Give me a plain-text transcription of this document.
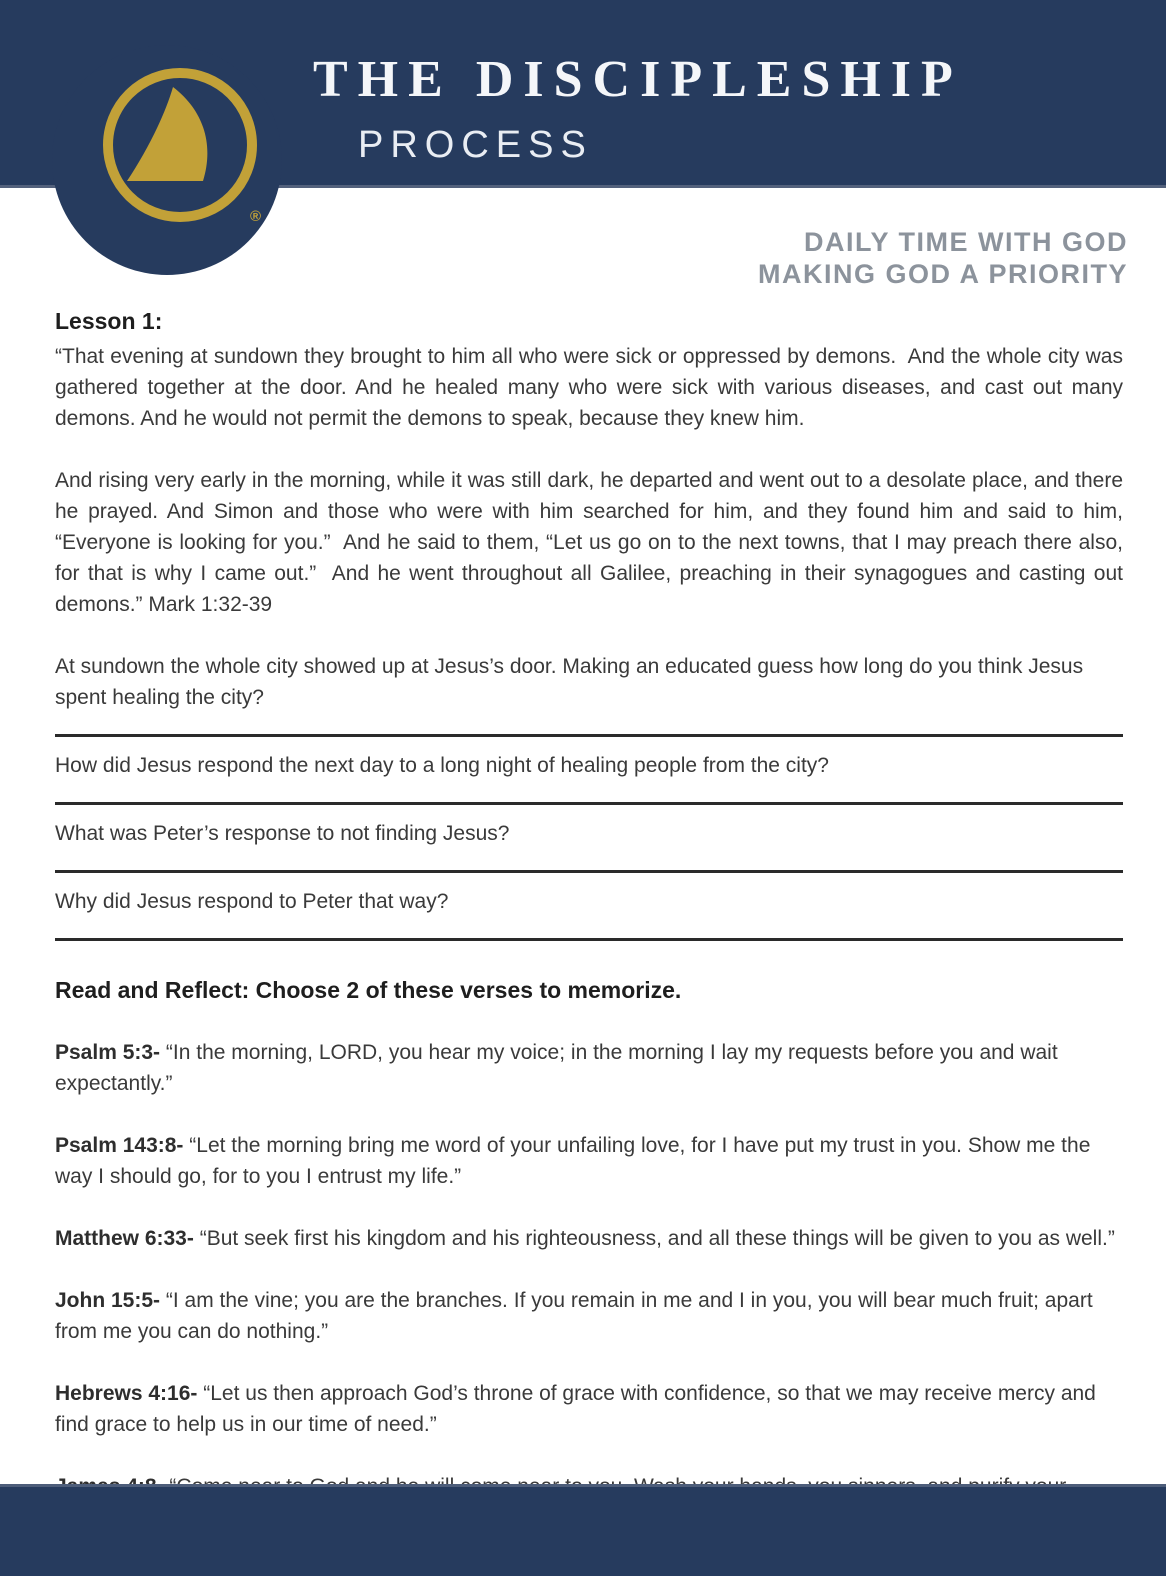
®
THE DISCIPLESHIP
PROCESS
DAILY TIME WITH GOD
MAKING GOD A PRIORITY

Lesson 1:

“That evening at sundown they brought to him all who were sick or oppressed by demons.  And the whole city was gathered together at the door. And he healed many who were sick with various diseases, and cast out many demons. And he would not permit the demons to speak, because they knew him.

And rising very early in the morning, while it was still dark, he departed and went out to a desolate place, and there he prayed. And Simon and those who were with him searched for him, and they found him and said to him, “Everyone is looking for you.”  And he said to them, “Let us go on to the next towns, that I may preach there also, for that is why I came out.”  And he went throughout all Galilee, preaching in their synagogues and casting out demons.” Mark 1:32-39

At sundown the whole city showed up at Jesus’s door. Making an educated guess how long do you think Jesus spent healing the city?

How did Jesus respond the next day to a long night of healing people from the city?

What was Peter’s response to not finding Jesus?

Why did Jesus respond to Peter that way?

Read and Reflect: Choose 2 of these verses to memorize.

Psalm 5:3- “In the morning, LORD, you hear my voice; in the morning I lay my requests before you and wait expectantly.”

Psalm 143:8- “Let the morning bring me word of your unfailing love, for I have put my trust in you. Show me the way I should go, for to you I entrust my life.”

Matthew 6:33- “But seek first his kingdom and his righteousness, and all these things will be given to you as well.”

John 15:5- “I am the vine; you are the branches. If you remain in me and I in you, you will bear much fruit; apart from me you can do nothing.”

Hebrews 4:16- “Let us then approach God’s throne of grace with confidence, so that we may receive mercy and find grace to help us in our time of need.”
